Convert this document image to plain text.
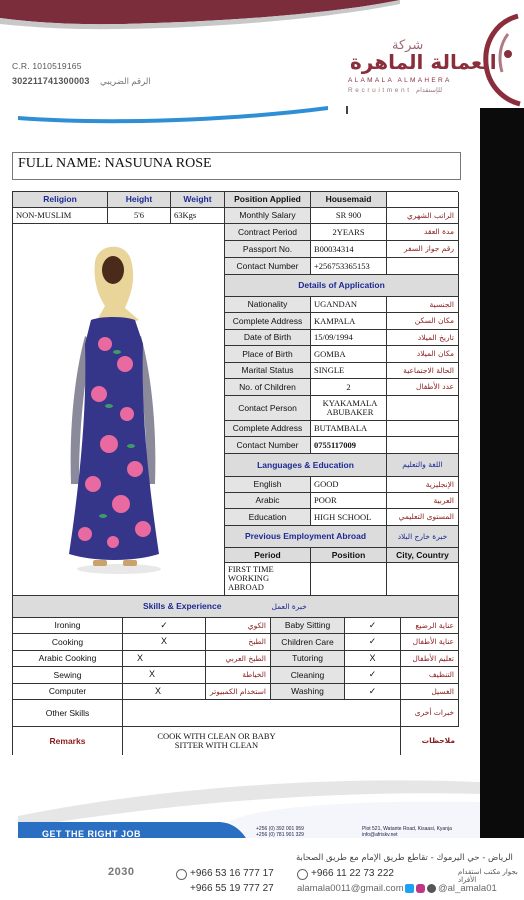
C.R. 1010519165
302211741300003 الرقم الضريبي
شركة
العمالة الماهرة
ALAMALA ALMAHERA
Recruitment للإستقدام
FULL NAME: NASUUNA ROSE
Religion	Height	Weight	Position Applied	Housemaid
NON-MUSLIM	5'6	63Kgs	Monthly Salary	SR 900	الراتب الشهري
Contract Period	2YEARS	مدة العقد
Passport No.	B00034314	رقم جواز السفر
Contact Number	+256753365153
Details of Application
Nationality	UGANDAN	الجنسية
Complete Address	KAMPALA	مكان السكن
Date of Birth	15/09/1994	تاريخ الميلاد
Place of Birth	GOMBA	مكان الميلاد
Marital Status	SINGLE	الحالة الاجتماعية
No. of Children	2	عدد الأطفال
Contact Person	KYAKAMALA ABUBAKER
Complete Address	BUTAMBALA
Contact Number	0755117009
Languages & Education	اللغة والتعليم
English	GOOD	الإنجليزية
Arabic	POOR	العربية
Education	HIGH SCHOOL	المستوى التعليمي
Previous Employment Abroad	خبرة خارج البلاد
Period	Position	City, Country
FIRST TIME WORKING ABROAD
Skills & Experience	خبرة العمل
Ironing	✓	الكوي	Baby Sitting	✓	عناية الرضيع
Cooking	X	الطبخ	Children Care	✓	عناية الأطفال
Arabic Cooking	X	الطبخ العربي	Tutoring	X	تعليم الأطفال
Sewing	X	الخياطة	Cleaning	✓	التنظيف
Computer	X	استخدام الكمبيوتر	Washing	✓	الغسيل
Other Skills	خبرات أخرى
Remarks	COOK WITH CLEAN OR BABY SITTER WITH CLEAN	ملاحظات
GET THE RIGHT JOB	+256 (0) 392 001 959
+256 (0) 781 901 329
Plot 521, Watante Road, Kisaasi, Kyanja
info@afriskv.net
2030
الرياض - حي اليرموك - تقاطع طريق الإمام مع طريق الصحابة
بجوار مكتب استقدام الأفراد
+966 53 16 777 17
+966 55 19 777 27
+966 11 22 73 222
alamala0011@gmail.com	@al_amala01
